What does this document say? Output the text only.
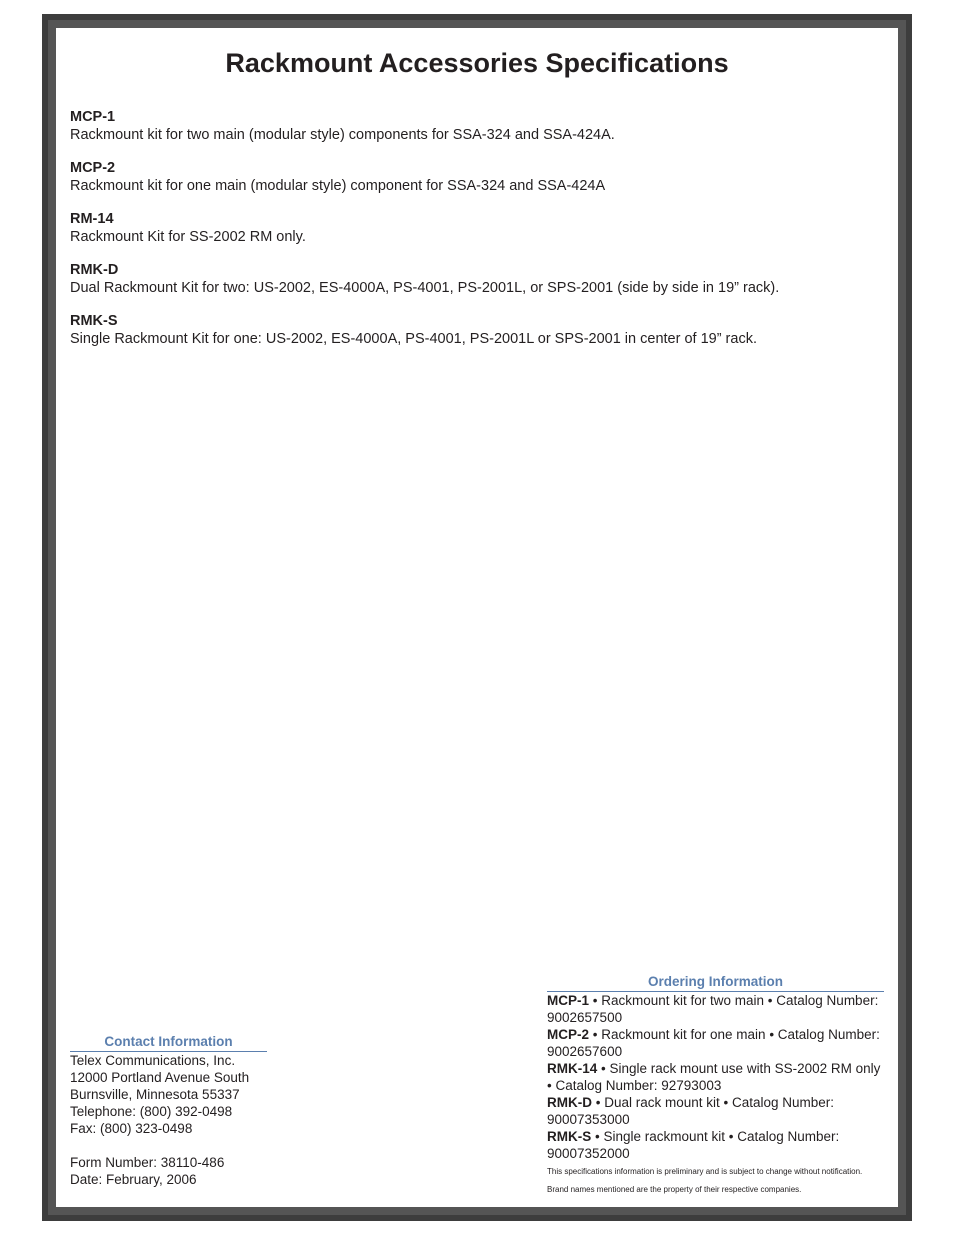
Rackmount Accessories Specifications
MCP-1
Rackmount kit for two main (modular style) components for SSA-324 and SSA-424A.
MCP-2
Rackmount kit for one main (modular style) component for SSA-324 and SSA-424A
RM-14
Rackmount Kit for SS-2002 RM only.
RMK-D
Dual Rackmount Kit for two: US-2002, ES-4000A, PS-4001, PS-2001L, or SPS-2001 (side by side in 19” rack).
RMK-S
Single Rackmount Kit for one: US-2002, ES-4000A, PS-4001, PS-2001L or SPS-2001 in center of 19” rack.
Contact Information
Telex Communications, Inc.
12000 Portland Avenue South
Burnsville, Minnesota 55337
Telephone: (800) 392-0498
Fax: (800) 323-0498
Form Number: 38110-486
Date: February, 2006
Ordering Information
MCP-1 • Rackmount kit for two main • Catalog Number: 9002657500
MCP-2 • Rackmount kit for one main • Catalog Number: 9002657600
RMK-14 • Single rack mount use with SS-2002 RM only • Catalog Number: 92793003
RMK-D • Dual rack mount kit • Catalog Number: 90007353000
RMK-S • Single rackmount kit • Catalog Number: 90007352000
This specifications information is preliminary and is subject to change without notification.
Brand names mentioned are the property of their respective companies.
